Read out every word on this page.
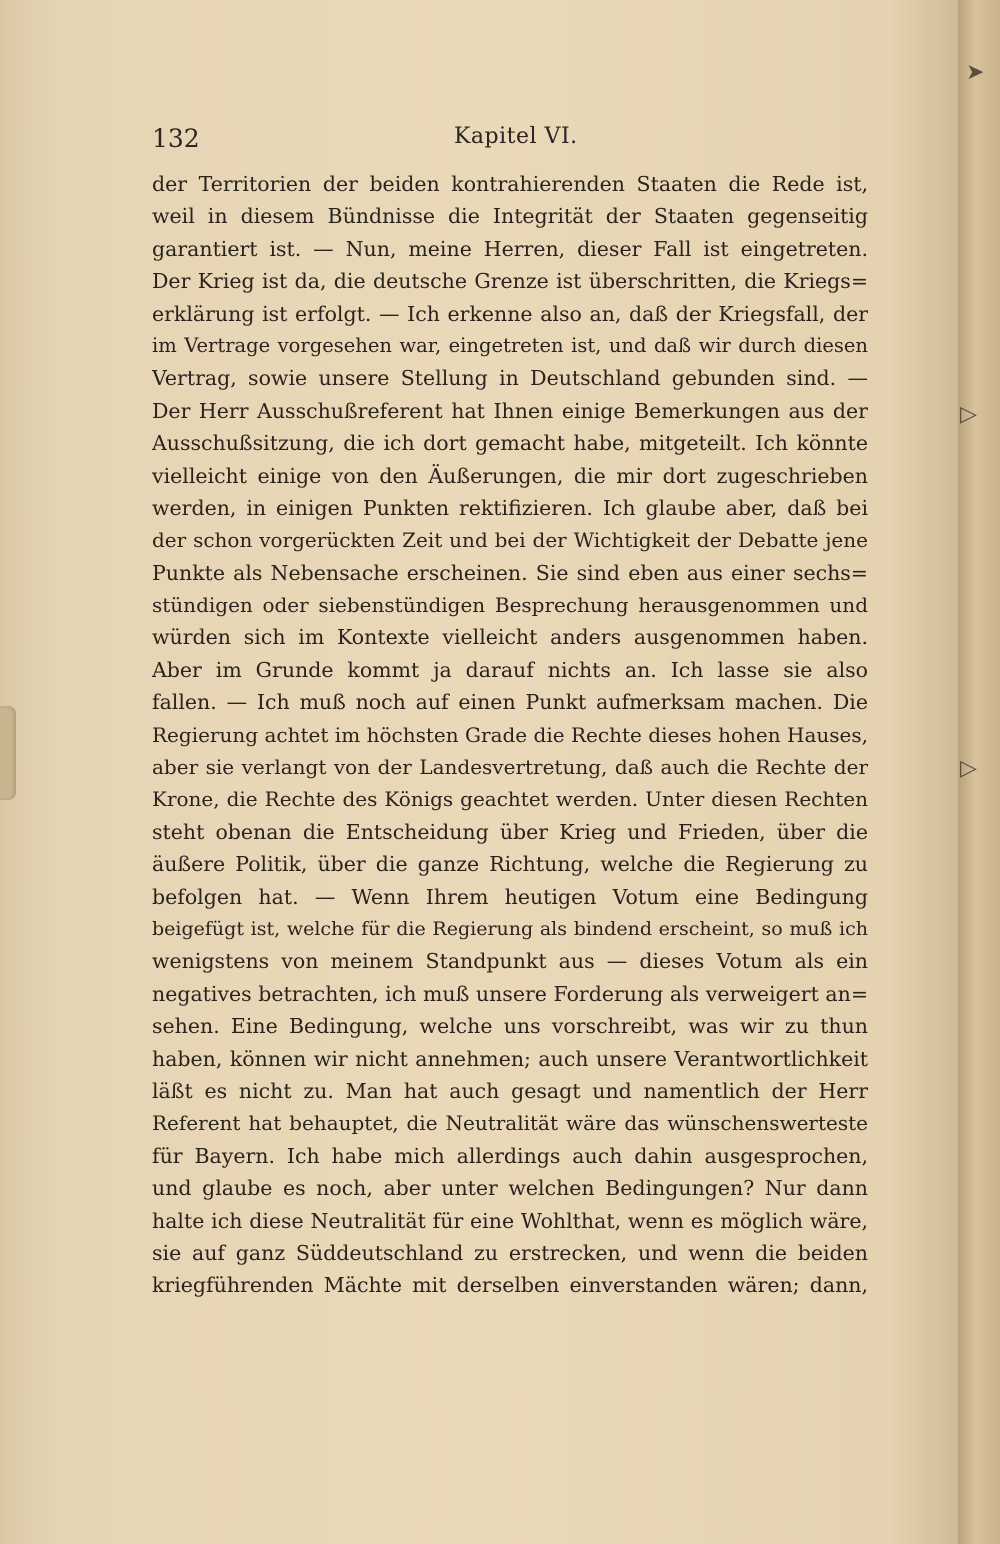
132	Kapitel VI.
der Territorien der beiden kontrahierenden Staaten die Rede ist,
weil in diesem Bündnisse die Integrität der Staaten gegenseitig
garantiert ist. — Nun, meine Herren, dieser Fall ist eingetreten.
Der Krieg ist da, die deutsche Grenze ist überschritten, die Kriegs=
erklärung ist erfolgt. — Ich erkenne also an, daß der Kriegsfall, der
im Vertrage vorgesehen war, eingetreten ist, und daß wir durch diesen
Vertrag, sowie unsere Stellung in Deutschland gebunden sind. —
Der Herr Ausschußreferent hat Ihnen einige Bemerkungen aus der
Ausschußsitzung, die ich dort gemacht habe, mitgeteilt. Ich könnte
vielleicht einige von den Äußerungen, die mir dort zugeschrieben
werden, in einigen Punkten rektifizieren. Ich glaube aber, daß bei
der schon vorgerückten Zeit und bei der Wichtigkeit der Debatte jene
Punkte als Nebensache erscheinen. Sie sind eben aus einer sechs=
stündigen oder siebenstündigen Besprechung herausgenommen und
würden sich im Kontexte vielleicht anders ausgenommen haben.
Aber im Grunde kommt ja darauf nichts an. Ich lasse sie also
fallen. — Ich muß noch auf einen Punkt aufmerksam machen. Die
Regierung achtet im höchsten Grade die Rechte dieses hohen Hauses,
aber sie verlangt von der Landesvertretung, daß auch die Rechte der
Krone, die Rechte des Königs geachtet werden. Unter diesen Rechten
steht obenan die Entscheidung über Krieg und Frieden, über die
äußere Politik, über die ganze Richtung, welche die Regierung zu
befolgen hat. — Wenn Ihrem heutigen Votum eine Bedingung
beigefügt ist, welche für die Regierung als bindend erscheint, so muß ich
wenigstens von meinem Standpunkt aus — dieses Votum als ein
negatives betrachten, ich muß unsere Forderung als verweigert an=
sehen. Eine Bedingung, welche uns vorschreibt, was wir zu thun
haben, können wir nicht annehmen; auch unsere Verantwortlichkeit
läßt es nicht zu. Man hat auch gesagt und namentlich der Herr
Referent hat behauptet, die Neutralität wäre das wünschenswerteste
für Bayern. Ich habe mich allerdings auch dahin ausgesprochen,
und glaube es noch, aber unter welchen Bedingungen? Nur dann
halte ich diese Neutralität für eine Wohlthat, wenn es möglich wäre,
sie auf ganz Süddeutschland zu erstrecken, und wenn die beiden
kriegführenden Mächte mit derselben einverstanden wären; dann,
➤
▷
▷
